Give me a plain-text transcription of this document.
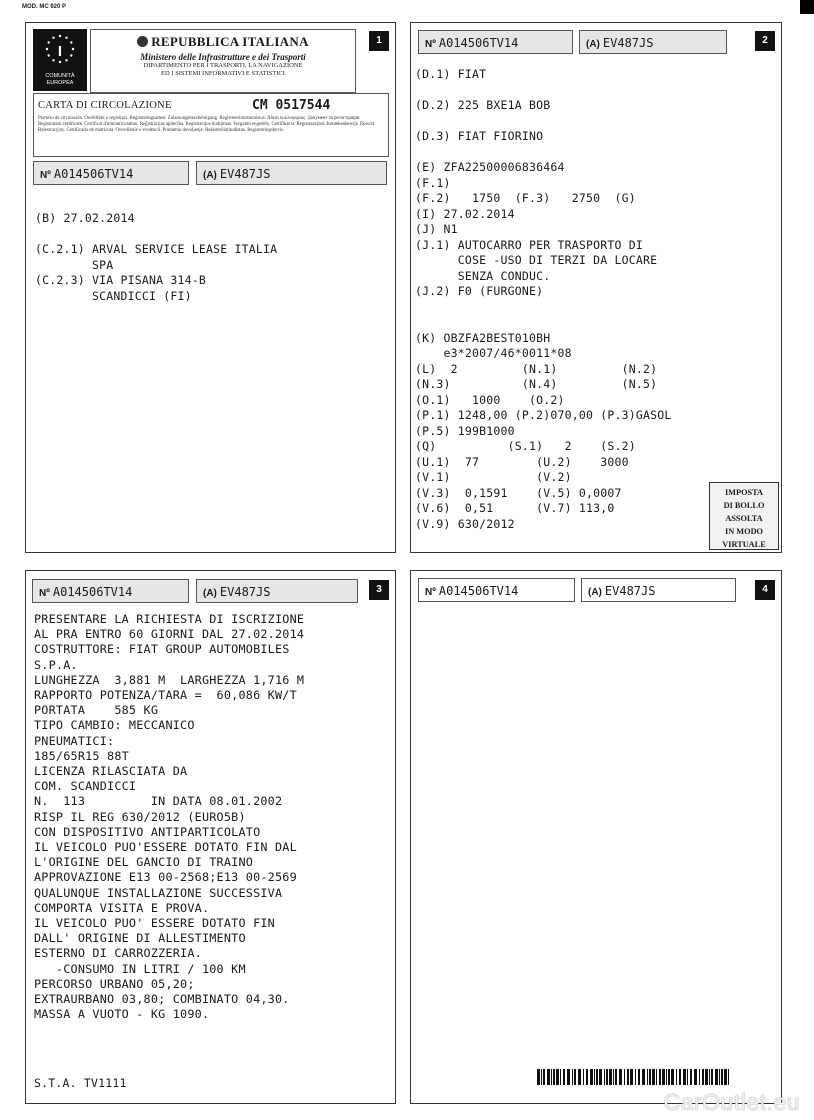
MOD. MC 920 P
I
COMUNITÀ EUROPEA
REPUBBLICA ITALIANA
Ministero delle Infrastrutture e dei Trasporti
DIPARTIMENTO PER I TRASPORTI, LA NAVIGAZIONE
ED I SISTEMI INFORMATIVI E STATISTICI
1
CARTA DI CIRCOLAZIONE	CM 0517544
Permiso de circulación. Osvědčení o registraci. Registreringsattest. Zulassungsbescheinigung. Registreerimistunnistus. Άδεια κυκλοφορίας. Документ за регистрация. Registration certificate. Certificat d'immatriculation. Reģistrācijas apliecība. Registracijos liudijimas. Forgalmi engedély. Certifikat ta' Registrazzjoni. Kentekenbewijs. Dowód Rejestracyjny. Certificado de matrícula. Osvedčenie o evidencii. Prometno dovoljenje. Rekisteröintitodistus. Registreringsbevis.
Nº A014506TV14	(A) EV487JS
(B) 27.02.2014

(C.2.1) ARVAL SERVICE LEASE ITALIA
SPA
(C.2.3) VIA PISANA 314-B
SCANDICCI (FI)
Nº A014506TV14	(A) EV487JS	2
(D.1) FIAT

(D.2) 225 BXE1A BOB

(D.3) FIAT FIORINO

(E) ZFA22500006836464
(F.1)
(F.2)   1750  (F.3)   2750  (G)
(I) 27.02.2014
(J) N1
(J.1) AUTOCARRO PER TRASPORTO DI
COSE -USO DI TERZI DA LOCARE
SENZA CONDUC.
(J.2) F0 (FURGONE)

(K) OBZFA2BEST010BH
e3*2007/46*0011*08
(L)  2         (N.1)         (N.2)
(N.3)          (N.4)         (N.5)
(O.1)   1000    (O.2)
(P.1) 1248,00 (P.2)070,00 (P.3)GASOL
(P.5) 199B1000
(Q)          (S.1)   2    (S.2)
(U.1)  77        (U.2)    3000
(V.1)            (V.2)
(V.3)  0,1591    (V.5) 0,0007
(V.6)  0,51      (V.7) 113,0
(V.9) 630/2012
IMPOSTA
DI BOLLO
ASSOLTA
IN MODO
VIRTUALE
Nº A014506TV14	(A) EV487JS	3
PRESENTARE LA RICHIESTA DI ISCRIZIONE
AL PRA ENTRO 60 GIORNI DAL 27.02.2014
COSTRUTTORE: FIAT GROUP AUTOMOBILES
S.P.A.
LUNGHEZZA  3,881 M  LARGHEZZA 1,716 M
RAPPORTO POTENZA/TARA =  60,086 KW/T
PORTATA    585 KG
TIPO CAMBIO: MECCANICO
PNEUMATICI:
185/65R15 88T
LICENZA RILASCIATA DA
COM. SCANDICCI
N.  113         IN DATA 08.01.2002
RISP IL REG 630/2012 (EURO5B)
CON DISPOSITIVO ANTIPARTICOLATO
IL VEICOLO PUO'ESSERE DOTATO FIN DAL
L'ORIGINE DEL GANCIO DI TRAINO
APPROVAZIONE E13 00-2568;E13 00-2569
QUALUNQUE INSTALLAZIONE SUCCESSIVA
COMPORTA VISITA E PROVA.
IL VEICOLO PUO' ESSERE DOTATO FIN
DALL' ORIGINE DI ALLESTIMENTO
ESTERNO DI CARROZZERIA.
-CONSUMO IN LITRI / 100 KM
PERCORSO URBANO 05,20;
EXTRAURBANO 03,80; COMBINATO 04,30.
MASSA A VUOTO - KG 1090.
S.T.A. TV1111
Nº A014506TV14	(A) EV487JS	4
CarOutlet.eu
